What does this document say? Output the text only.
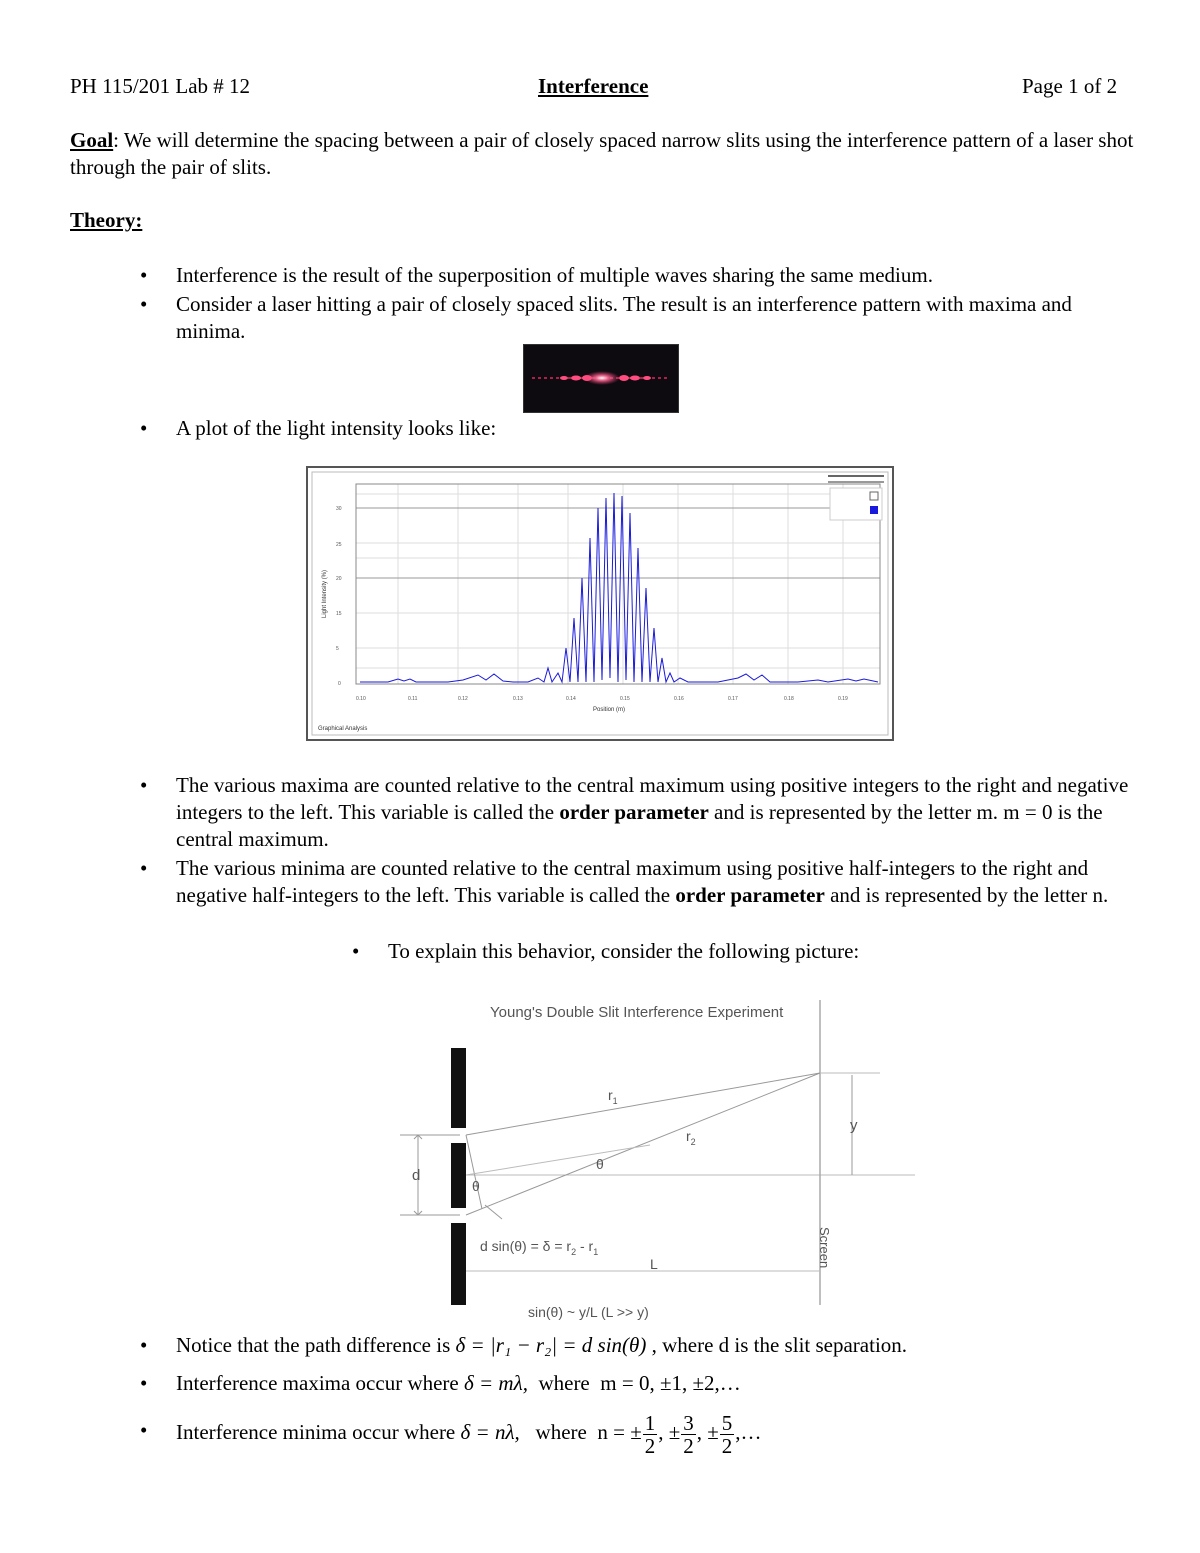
PH 115/201 Lab # 12	Interference	Page 1 of 2
Goal: We will determine the spacing between a pair of closely spaced narrow slits using the interference pattern of a laser shot through the pair of slits.
Theory:
• Interference is the result of the superposition of multiple waves sharing the same medium.
• Consider a laser hitting a pair of closely spaced slits. The result is an interference pattern with maxima and minima.
• A plot of the light intensity looks like:
30
25
20
15
5
0
Light Intensity (%)
0.10	0.11	0.12	0.13	0.14	0.15	0.16	0.17	0.18	0.19
Position (m)
Graphical Analysis
• The various maxima are counted relative to the central maximum using positive integers to the right and negative integers to the left. This variable is called the order parameter and is represented by the letter m. m = 0 is the central maximum.
• The various minima are counted relative to the central maximum using positive half-integers to the right and negative half-integers to the left. This variable is called the order parameter and is represented by the letter n.
• To explain this behavior, consider the following picture:
Young's Double Slit Interference Experiment
d
y
Screen
$r_1$
$r_2$
θ
θ
d $\sin(\theta) = \delta = r_2 - r_1$
L
sin(θ) ~ y/L (L >> y)
• Notice that the path difference is δ = |r₁ − r₂| = d sin(θ) , where d is the slit separation.
• Interference maxima occur where δ = mλ, where m = 0, ±1, ±2,…
• Interference minima occur where δ = nλ, where n = ± $\frac{1}{2}$ , ± $\frac{3}{2}$ , ± $\frac{5}{2}$ ,…
